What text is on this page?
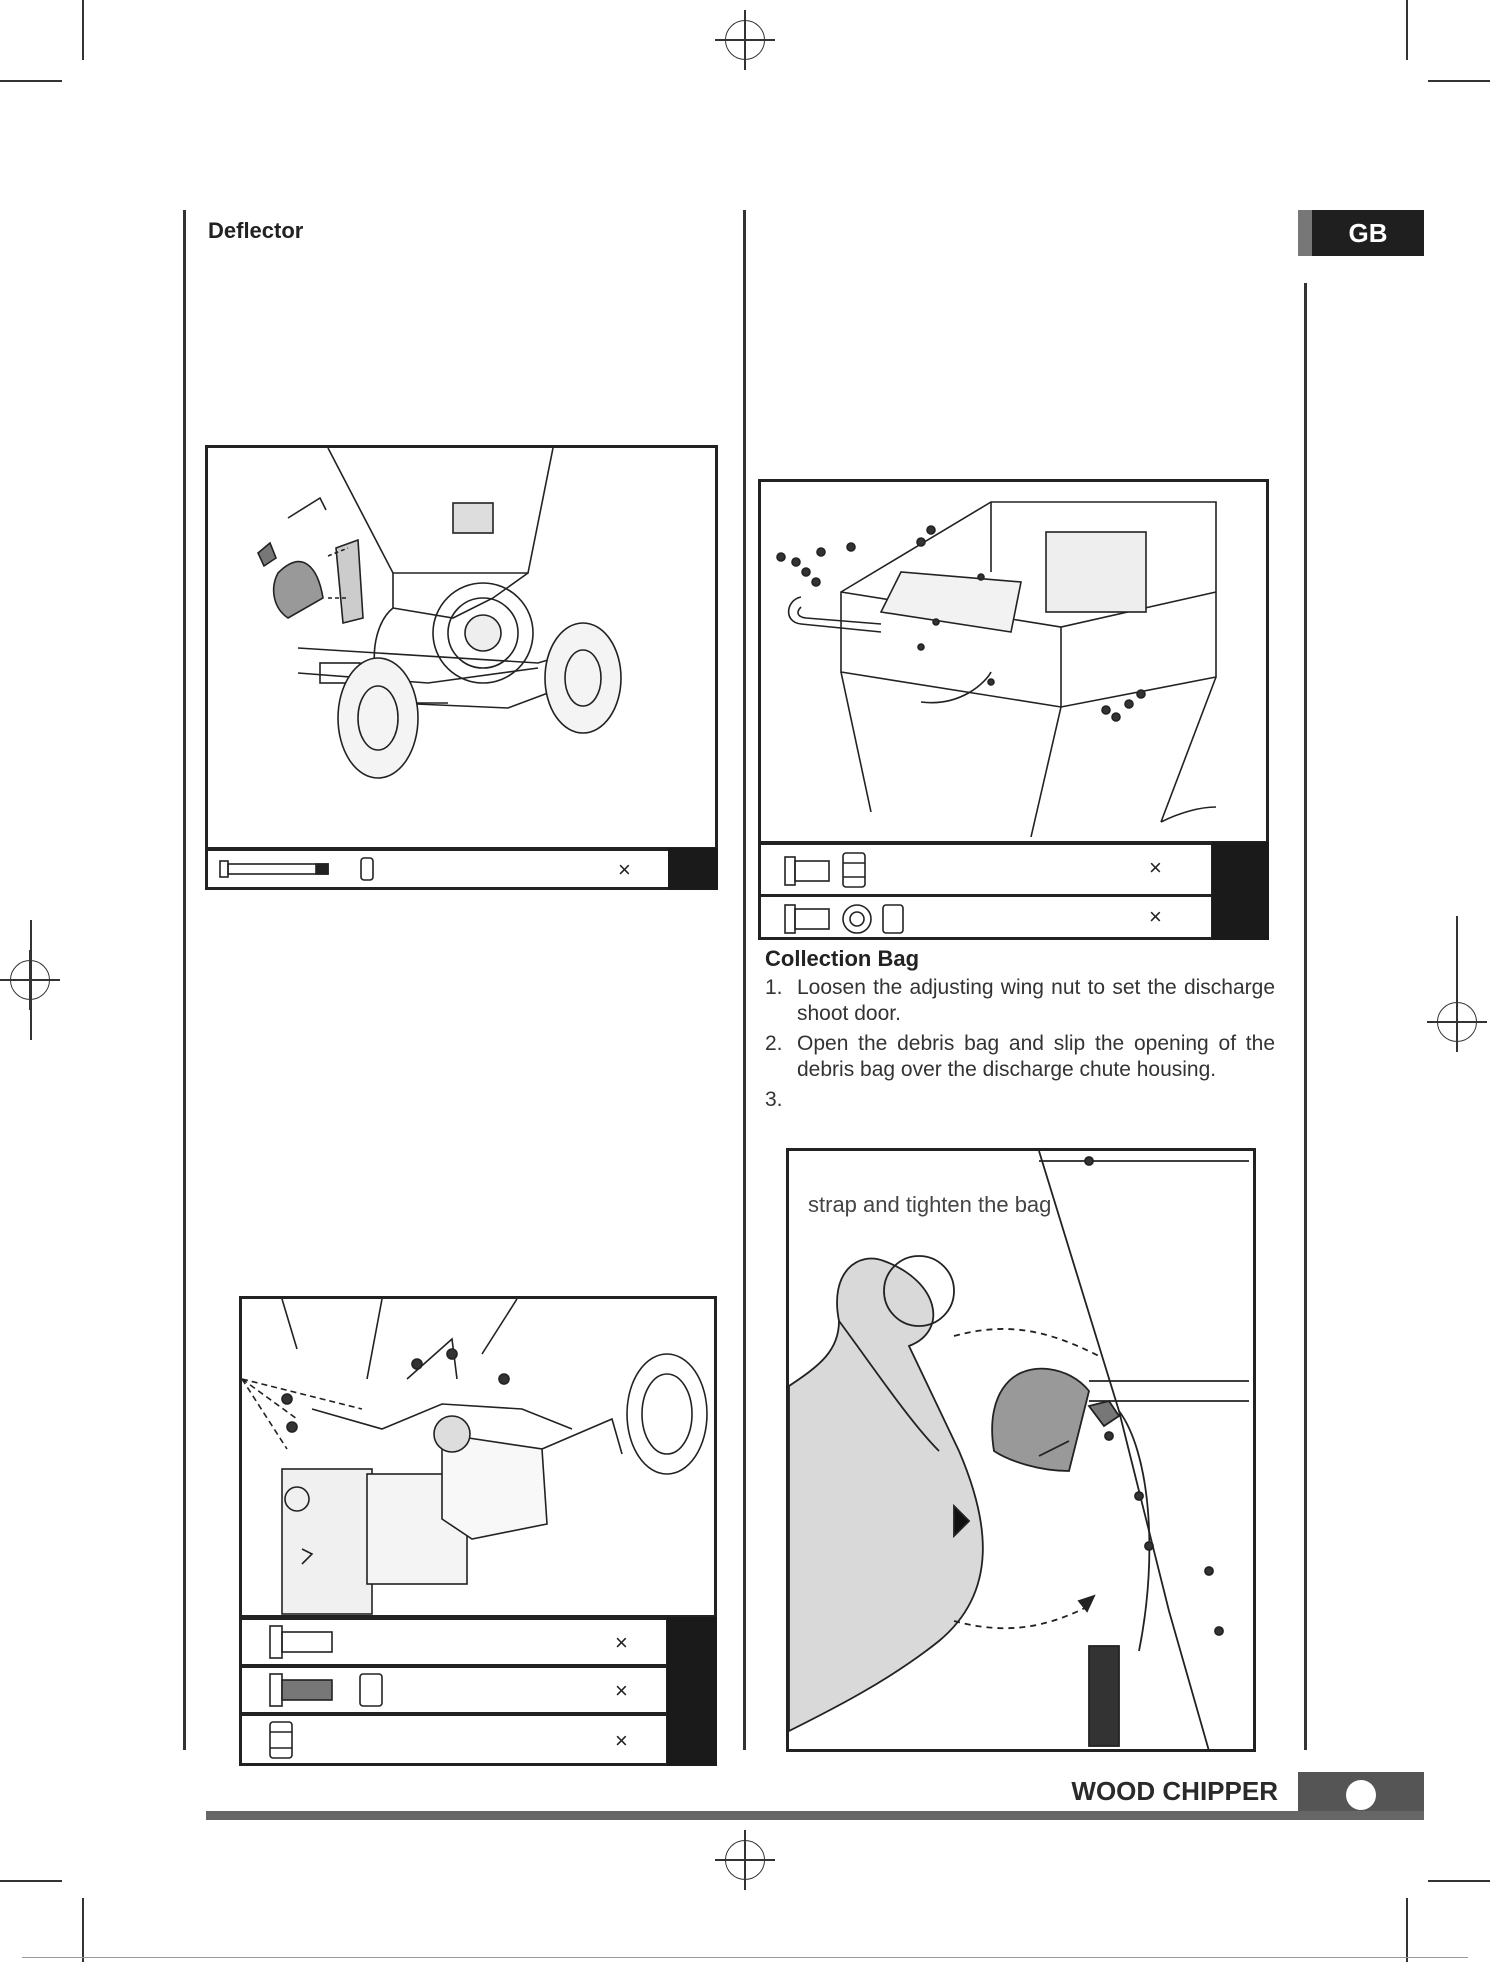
GB
Deflector
×	×
×
Collection Bag
1. Loosen the adjusting wing nut to set the discharge shoot door.
2. Open the debris bag and slip the opening of the debris bag over the discharge chute housing.
3.
strap and tighten the bag
×
×
×
WOOD CHIPPER
